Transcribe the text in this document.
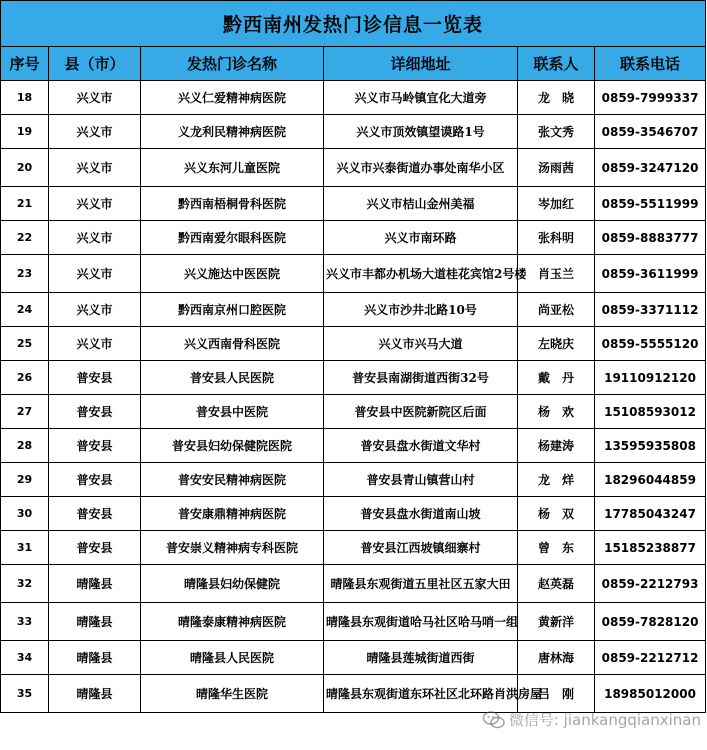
黔西南州发热门诊信息一览表					
序号	县（市）	发热门诊名称	详细地址	联系人	联系电话
18	兴义市	兴义仁爱精神病医院	兴义市马岭镇宜化大道旁	龙　晓	0859-7999337
19	兴义市	义龙利民精神病医院	兴义市顶效镇望谟路1号	张文秀	0859-3546707
20	兴义市	兴义东河儿童医院	兴义市兴泰街道办事处南华小区	汤雨茜	0859-3247120
21	兴义市	黔西南梧桐骨科医院	兴义市桔山金州美福	岑加红	0859-5511999
22	兴义市	黔西南爱尔眼科医院	兴义市南环路	张科明	0859-8883777
23	兴义市	兴义施达中医医院	兴义市丰都办机场大道桂花宾馆2号楼	肖玉兰	0859-3611999
24	兴义市	黔西南京州口腔医院	兴义市沙井北路10号	尚亚松	0859-3371112
25	兴义市	兴义西南骨科医院	兴义市兴马大道	左晓庆	0859-5555120
26	普安县	普安县人民医院	普安县南湖街道西街32号	戴　丹	19110912120
27	普安县	普安县中医院	普安县中医院新院区后面	杨　欢	15108593012
28	普安县	普安县妇幼保健院医院	普安县盘水街道文华村	杨建涛	13595935808
29	普安县	普安安民精神病医院	普安县青山镇营山村	龙　烊	18296044859
30	普安县	普安康鼎精神病医院	普安县盘水街道南山坡	杨　双	17785043247
31	普安县	普安崇义精神病专科医院	普安县江西坡镇细寨村	曾　东	15185238877
32	晴隆县	晴隆县妇幼保健院	晴隆县东观街道五里社区五家大田	赵英磊	0859-2212793
33	晴隆县	晴隆泰康精神病医院	晴隆县东观街道哈马社区哈马哨一组	黄新洋	0859-7828120
34	晴隆县	晴隆县人民医院	晴隆县莲城街道西街	唐林海	0859-2212712
35	晴隆县	晴隆华生医院	晴隆县东观街道东环社区北环路肖洪房屋	吕　刚	18985012000
微信号: jiankangqianxinan
